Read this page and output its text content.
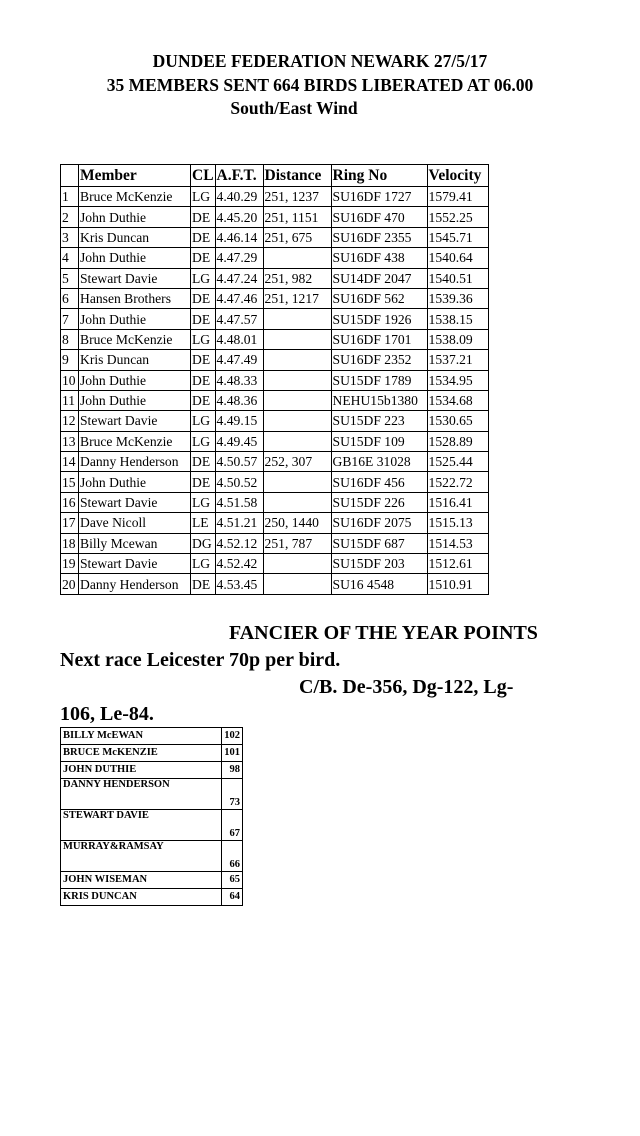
DUNDEE FEDERATION NEWARK 27/5/17
35 MEMBERS SENT 664 BIRDS LIBERATED AT 06.00
South/East Wind
	Member	CL	A.F.T.	Distance	Ring No	Velocity
1	Bruce McKenzie	LG	4.40.29	251, 1237	SU16DF 1727	1579.41
2	John Duthie	DE	4.45.20	251, 1151	SU16DF 470	1552.25
3	Kris Duncan	DE	4.46.14	251, 675	SU16DF 2355	1545.71
4	John Duthie	DE	4.47.29		SU16DF 438	1540.64
5	Stewart Davie	LG	4.47.24	251, 982	SU14DF 2047	1540.51
6	Hansen Brothers	DE	4.47.46	251, 1217	SU16DF 562	1539.36
7	John Duthie	DE	4.47.57		SU15DF 1926	1538.15
8	Bruce McKenzie	LG	4.48.01		SU16DF 1701	1538.09
9	Kris Duncan	DE	4.47.49		SU16DF 2352	1537.21
10	John Duthie	DE	4.48.33		SU15DF 1789	1534.95
11	John Duthie	DE	4.48.36		NEHU15b1380	1534.68
12	Stewart Davie	LG	4.49.15		SU15DF 223	1530.65
13	Bruce McKenzie	LG	4.49.45		SU15DF 109	1528.89
14	Danny Henderson	DE	4.50.57	252, 307	GB16E 31028	1525.44
15	John Duthie	DE	4.50.52		SU16DF 456	1522.72
16	Stewart Davie	LG	4.51.58		SU15DF 226	1516.41
17	Dave Nicoll	LE	4.51.21	250, 1440	SU16DF 2075	1515.13
18	Billy Mcewan	DG	4.52.12	251, 787	SU15DF 687	1514.53
19	Stewart Davie	LG	4.52.42		SU15DF 203	1512.61
20	Danny Henderson	DE	4.53.45		SU16 4548	1510.91
FANCIER OF THE YEAR POINTS
Next race Leicester 70p per bird.
C/B. De-356, Dg-122, Lg-
106, Le-84.
BILLY McEWAN	102
BRUCE McKENZIE	101
JOHN DUTHIE	98
DANNY HENDERSON	73
STEWART DAVIE	67
MURRAY&RAMSAY	66
JOHN WISEMAN	65
KRIS DUNCAN	64
